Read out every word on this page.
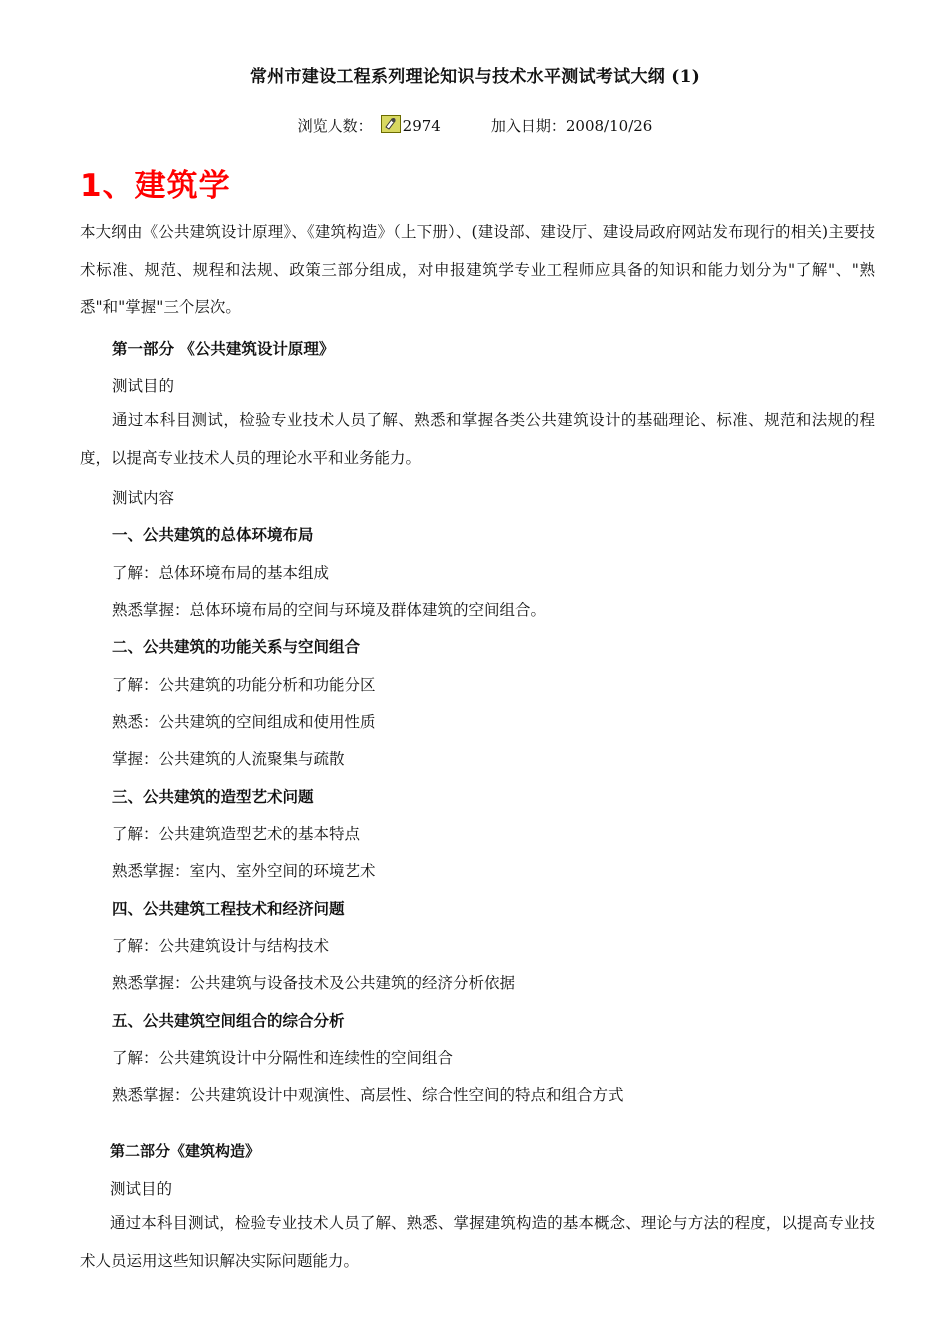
常州市建设工程系列理论知识与技术水平测试考试大纲 (1)
浏览人数： 2974	加入日期：2008/10/26
1、建筑学

本大纲由《公共建筑设计原理》、《建筑构造》（上下册）、(建设部、建设厅、建设局政府网站发布现行的相关)主要技术标准、规范、规程和法规、政策三部分组成，对申报建筑学专业工程师应具备的知识和能力划分为"了解"、"熟悉"和"掌握"三个层次。

第一部分 《公共建筑设计原理》

测试目的

通过本科目测试，检验专业技术人员了解、熟悉和掌握各类公共建筑设计的基础理论、标准、规范和法规的程度，以提高专业技术人员的理论水平和业务能力。

测试内容

一、公共建筑的总体环境布局

了解：总体环境布局的基本组成

熟悉掌握：总体环境布局的空间与环境及群体建筑的空间组合。

二、公共建筑的功能关系与空间组合

了解：公共建筑的功能分析和功能分区

熟悉：公共建筑的空间组成和使用性质

掌握：公共建筑的人流聚集与疏散

三、公共建筑的造型艺术问题

了解：公共建筑造型艺术的基本特点

熟悉掌握：室内、室外空间的环境艺术

四、公共建筑工程技术和经济问题

了解：公共建筑设计与结构技术

熟悉掌握：公共建筑与设备技术及公共建筑的经济分析依据

五、公共建筑空间组合的综合分析

了解：公共建筑设计中分隔性和连续性的空间组合

熟悉掌握：公共建筑设计中观演性、高层性、综合性空间的特点和组合方式

第二部分《建筑构造》

测试目的

通过本科目测试，检验专业技术人员了解、熟悉、掌握建筑构造的基本概念、理论与方法的程度，以提高专业技术人员运用这些知识解决实际问题能力。
